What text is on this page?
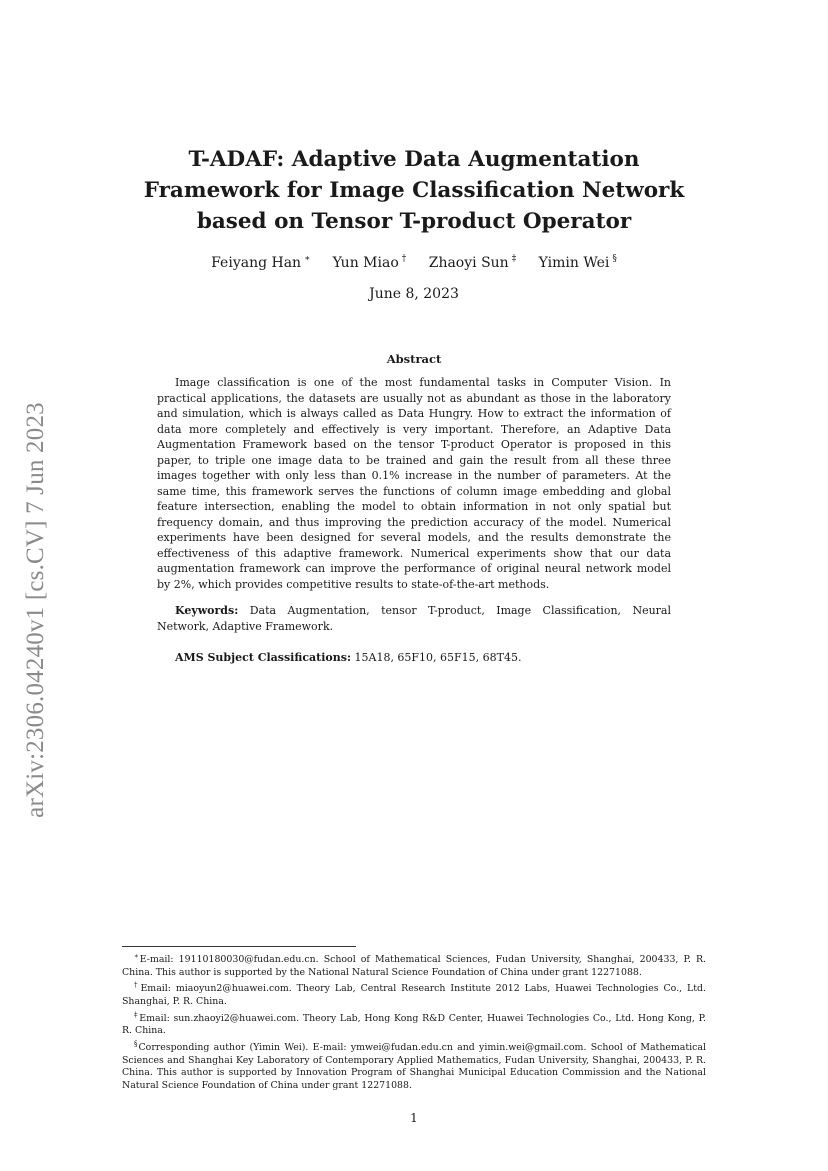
arXiv:2306.04240v1 [cs.CV] 7 Jun 2023
T-ADAF: Adaptive Data Augmentation
Framework for Image Classification Network
based on Tensor T-product Operator
Feiyang Han ∗ Yun Miao † Zhaoyi Sun ‡ Yimin Wei §
June 8, 2023
Abstract

Image classification is one of the most fundamental tasks in Computer Vision. In practical applications, the datasets are usually not as abundant as those in the laboratory and simulation, which is always called as Data Hungry. How to extract the information of data more completely and effectively is very important. Therefore, an Adaptive Data Augmentation Framework based on the tensor T-product Operator is proposed in this paper, to triple one image data to be trained and gain the result from all these three images together with only less than 0.1% increase in the number of parameters. At the same time, this framework serves the functions of column image embedding and global feature intersection, enabling the model to obtain information in not only spatial but frequency domain, and thus improving the prediction accuracy of the model. Numerical experiments have been designed for several models, and the results demonstrate the effectiveness of this adaptive framework. Numerical experiments show that our data augmentation framework can improve the performance of original neural network model by 2%, which provides competitive results to state-of-the-art methods.

Keywords: Data Augmentation, tensor T-product, Image Classification, Neural Network, Adaptive Framework.

AMS Subject Classifications: 15A18, 65F10, 65F15, 68T45.

∗E-mail: 19110180030@fudan.edu.cn. School of Mathematical Sciences, Fudan University, Shanghai, 200433, P. R. China. This author is supported by the National Natural Science Foundation of China under grant 12271088.

†Email: miaoyun2@huawei.com. Theory Lab, Central Research Institute 2012 Labs, Huawei Technologies Co., Ltd. Shanghai, P. R. China.

‡Email: sun.zhaoyi2@huawei.com. Theory Lab, Hong Kong R&D Center, Huawei Technologies Co., Ltd. Hong Kong, P. R. China.

§Corresponding author (Yimin Wei). E-mail: ymwei@fudan.edu.cn and yimin.wei@gmail.com. School of Mathematical Sciences and Shanghai Key Laboratory of Contemporary Applied Mathematics, Fudan University, Shanghai, 200433, P. R. China. This author is supported by Innovation Program of Shanghai Municipal Education Commission and the National Natural Science Foundation of China under grant 12271088.

1
